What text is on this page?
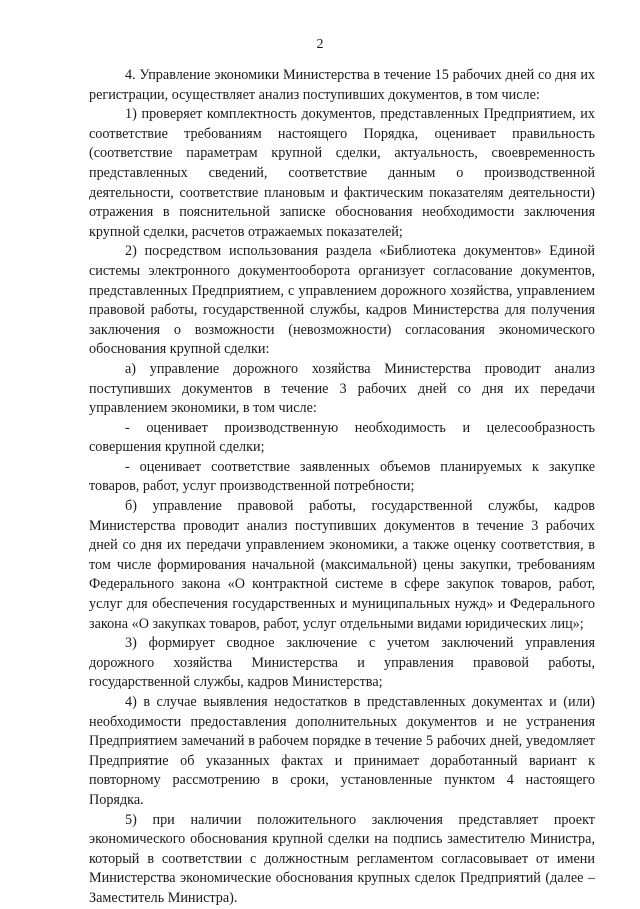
2

4. Управление экономики Министерства в течение 15 рабочих дней со дня их регистрации, осуществляет анализ поступивших документов, в том числе:

1) проверяет комплектность документов, представленных Предприятием, их соответствие требованиям настоящего Порядка, оценивает правильность (соответствие параметрам крупной сделки, актуальность, своевременность представленных сведений, соответствие данным о производственной деятельности, соответствие плановым и фактическим показателям деятельности) отражения в пояснительной записке обоснования необходимости заключения крупной сделки, расчетов отражаемых показателей;

2) посредством использования раздела «Библиотека документов» Единой системы электронного документооборота организует согласование документов, представленных Предприятием, с управлением дорожного хозяйства, управлением правовой работы, государственной службы, кадров Министерства для получения заключения о возможности (невозможности) согласования экономического обоснования крупной сделки:

а) управление дорожного хозяйства Министерства проводит анализ поступивших документов в течение 3 рабочих дней со дня их передачи управлением экономики, в том числе:

- оценивает производственную необходимость и целесообразность совершения крупной сделки;

- оценивает соответствие заявленных объемов планируемых к закупке товаров, работ, услуг производственной потребности;

б) управление правовой работы, государственной службы, кадров Министерства проводит анализ поступивших документов в течение 3 рабочих дней со дня их передачи управлением экономики, а также оценку соответствия, в том числе формирования начальной (максимальной) цены закупки, требованиям Федерального закона «О контрактной системе в сфере закупок товаров, работ, услуг для обеспечения государственных и муниципальных нужд» и Федерального закона «О закупках товаров, работ, услуг отдельными видами юридических лиц»;

3) формирует сводное заключение с учетом заключений управления дорожного хозяйства Министерства и управления правовой работы, государственной службы, кадров Министерства;

4) в случае выявления недостатков в представленных документах и (или) необходимости предоставления дополнительных документов и не устранения Предприятием замечаний в рабочем порядке в течение 5 рабочих дней, уведомляет Предприятие об указанных фактах и принимает доработанный вариант к повторному рассмотрению в сроки, установленные пунктом 4 настоящего Порядка.

5) при наличии положительного заключения представляет проект экономического обоснования крупной сделки на подпись заместителю Министра, который в соответствии с должностным регламентом согласовывает от имени Министерства экономические обоснования крупных сделок Предприятий (далее – Заместитель Министра).
